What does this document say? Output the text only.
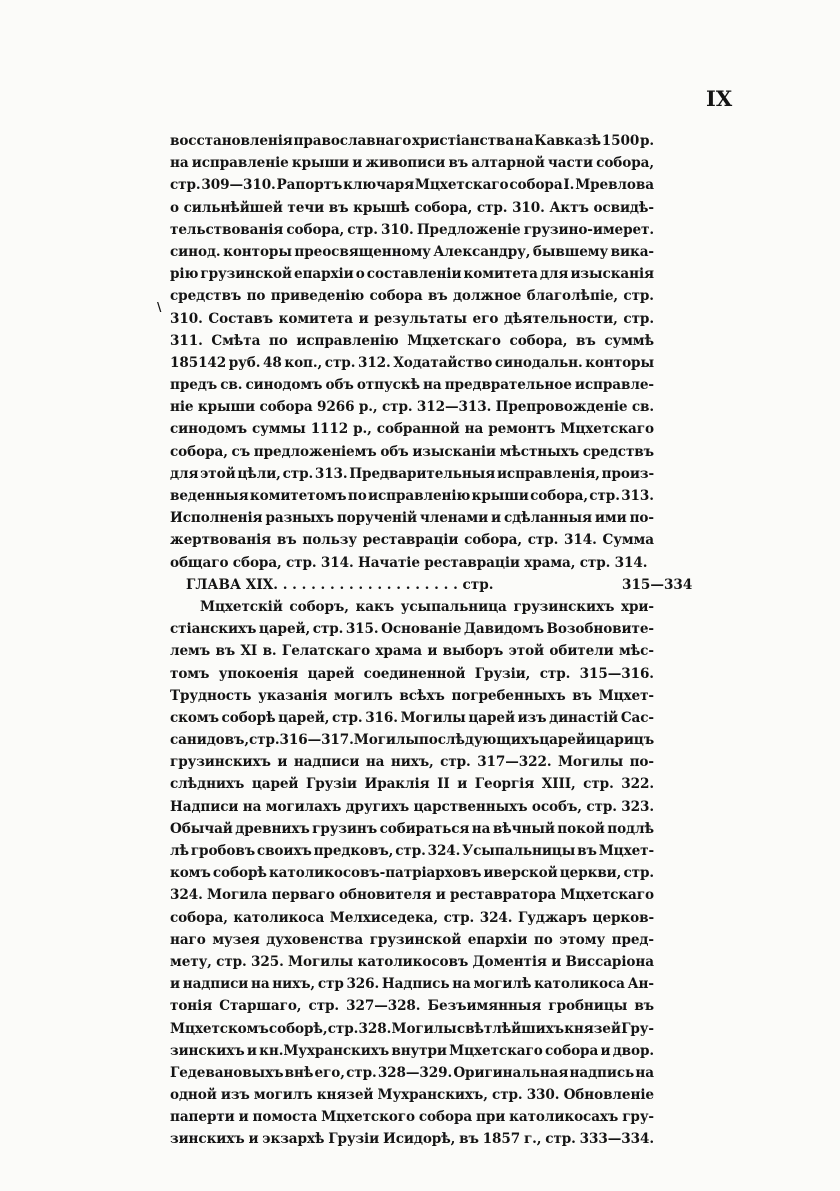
IX
\
восстановленія православнаго христіанства на Кавказѣ 1500 р.
на исправленіе крыши и живописи въ алтарной части собора,
стр. 309—310. Рапортъ ключаря Мцхетскаго собора І. Мревлова
о сильнѣйшей течи въ крышѣ собора, стр. 310. Актъ освидѣ-
тельствованія собора, стр. 310. Предложеніе грузино-имерет.
синод. конторы преосвященному Александру, бывшему вика-
рію грузинской епархіи о составленіи комитета для изысканія
средствъ по приведенію собора въ должное благолѣпіе, стр.
310. Составъ комитета и результаты его дѣятельности, стр.
311. Смѣта по исправленію Мцхетскаго собора, въ суммѣ
185142 руб. 48 коп., стр. 312. Ходатайство синодальн. конторы
предъ св. синодомъ объ отпускѣ на предврательное исправле-
ніе крыши собора 9266 р., стр. 312—313. Препровожденіе св.
синодомъ суммы 1112 р., собранной на ремонтъ Мцхетскаго
собора, съ предложеніемъ объ изысканіи мѣстныхъ средствъ
для этой цѣли, стр. 313. Предварительныя исправленія, произ-
веденныя комитетомъ по исправленію крыши собора, стр. 313.
Исполненія разныхъ порученій членами и сдѣланныя ими по-
жертвованія въ пользу реставраціи собора, стр. 314. Сумма
общаго сбора, стр. 314. Начатіе реставраціи храма, стр. 314.
ГЛАВА XIX. . . . . . . . . . . . . . . . . . . . стр.	315—334
Мцхетскій соборъ, какъ усыпальница грузинскихъ хри-
стіанскихъ царей, стр. 315. Основаніе Давидомъ Возобновите-
лемъ въ XI в. Гелатскаго храма и выборъ этой обители мѣс-
томъ упокоенія царей соединенной Грузіи, стр. 315—316.
Трудность указанія могилъ всѣхъ погребенныхъ въ Мцхет-
скомъ соборѣ царей, стр. 316. Могилы царей изъ династій Сас-
санидовъ, стр. 316—317. Могилы послѣдующихъ царей и царицъ
грузинскихъ и надписи на нихъ, стр. 317—322. Могилы по-
слѣднихъ царей Грузіи Ираклія II и Георгія XIII, стр. 322.
Надписи на могилахъ другихъ царственныхъ особъ, стр. 323.
Обычай древнихъ грузинъ собираться на вѣчный покой подлѣ
лѣ гробовъ своихъ предковъ, стр. 324. Усыпальницы въ Мцхет-
комъ соборѣ католикосовъ-патріарховъ иверской церкви, стр.
324. Могила перваго обновителя и реставратора Мцхетскаго
собора, католикоса Мелхиседека, стр. 324. Гуджаръ церков-
наго музея духовенства грузинской епархіи по этому пред-
мету, стр. 325. Могилы католикосовъ Доментія и Виссаріона
и надписи на нихъ, стр 326. Надпись на могилѣ католикоса Ан-
тонія Старшаго, стр. 327—328. Безъимянныя гробницы въ
Мцхетскомъ соборѣ, стр. 328. Могилы свѣтлѣйшихъ князей Гру-
зинскихъ и кн.Мухранскихъ внутри Мцхетскаго собора и двор.
Гедевановыхъ внѣ его, стр. 328—329. Оригинальная надпись на
одной изъ могилъ князей Мухранскихъ, стр. 330. Обновленіе
паперти и помоста Мцхетского собора при католикосахъ гру-
зинскихъ и экзархѣ Грузіи Исидорѣ, въ 1857 г., стр. 333—334.
